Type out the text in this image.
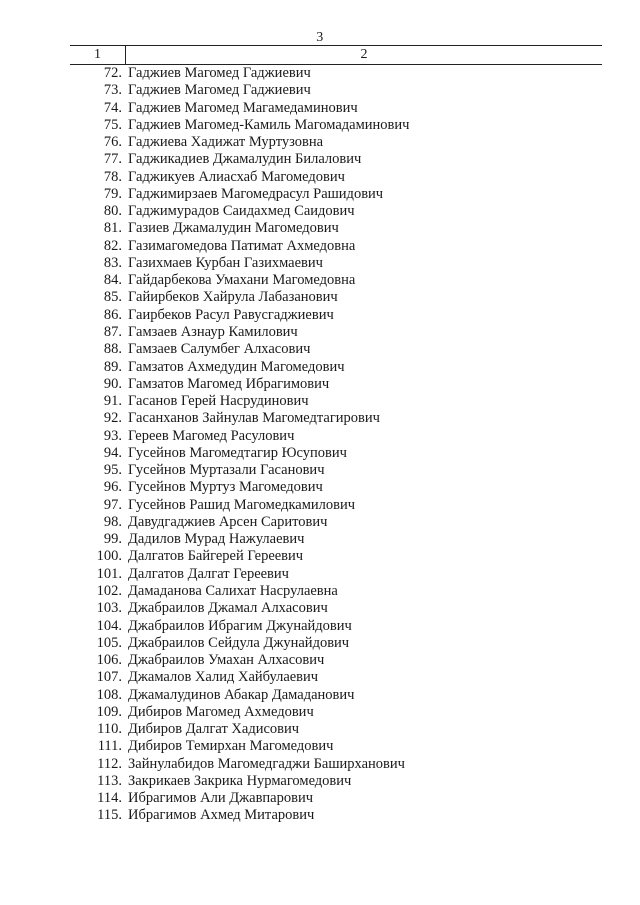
3
1	2
72. Гаджиев Магомед Гаджиевич
73. Гаджиев Магомед Гаджиевич
74. Гаджиев Магомед Магамедаминович
75. Гаджиев Магомед-Камиль Магомадаминович
76. Гаджиева Хадижат Муртузовна
77. Гаджикадиев Джамалудин Билалович
78. Гаджикуев Алиасхаб Магомедович
79. Гаджимирзаев Магомедрасул Рашидович
80. Гаджимурадов Саидахмед Саидович
81. Газиев Джамалудин Магомедович
82. Газимагомедова Патимат Ахмедовна
83. Газихмаев Курбан Газихмаевич
84. Гайдарбекова Умахани Магомедовна
85. Гайирбеков Хайрула Лабазанович
86. Гаирбеков Расул Равусгаджиевич
87. Гамзаев Азнаур Камилович
88. Гамзаев Салумбег Алхасович
89. Гамзатов Ахмедудин Магомедович
90. Гамзатов Магомед Ибрагимович
91. Гасанов Герей Насрудинович
92. Гасанханов Зайнулав Магомедтагирович
93. Гереев Магомед Расулович
94. Гусейнов Магомедтагир Юсупович
95. Гусейнов Муртазали Гасанович
96. Гусейнов Муртуз Магомедович
97. Гусейнов Рашид Магомедкамилович
98. Давудгаджиев Арсен Саритович
99. Дадилов Мурад Нажулаевич
100. Далгатов Байгерей Гереевич
101. Далгатов Далгат Гереевич
102. Дамаданова Салихат Насрулаевна
103. Джабраилов Джамал Алхасович
104. Джабраилов Ибрагим Джунайдович
105. Джабраилов Сейдула Джунайдович
106. Джабраилов Умахан Алхасович
107. Джамалов Халид Хайбулаевич
108. Джамалудинов Абакар Дамаданович
109. Дибиров Магомед Ахмедович
110. Дибиров Далгат Хадисович
111. Дибиров Темирхан Магомедович
112. Зайнулабидов Магомедгаджи Баширханович
113. Закрикаев Закрика Нурмагомедович
114. Ибрагимов Али Джавпарович
115. Ибрагимов Ахмед Митарович
